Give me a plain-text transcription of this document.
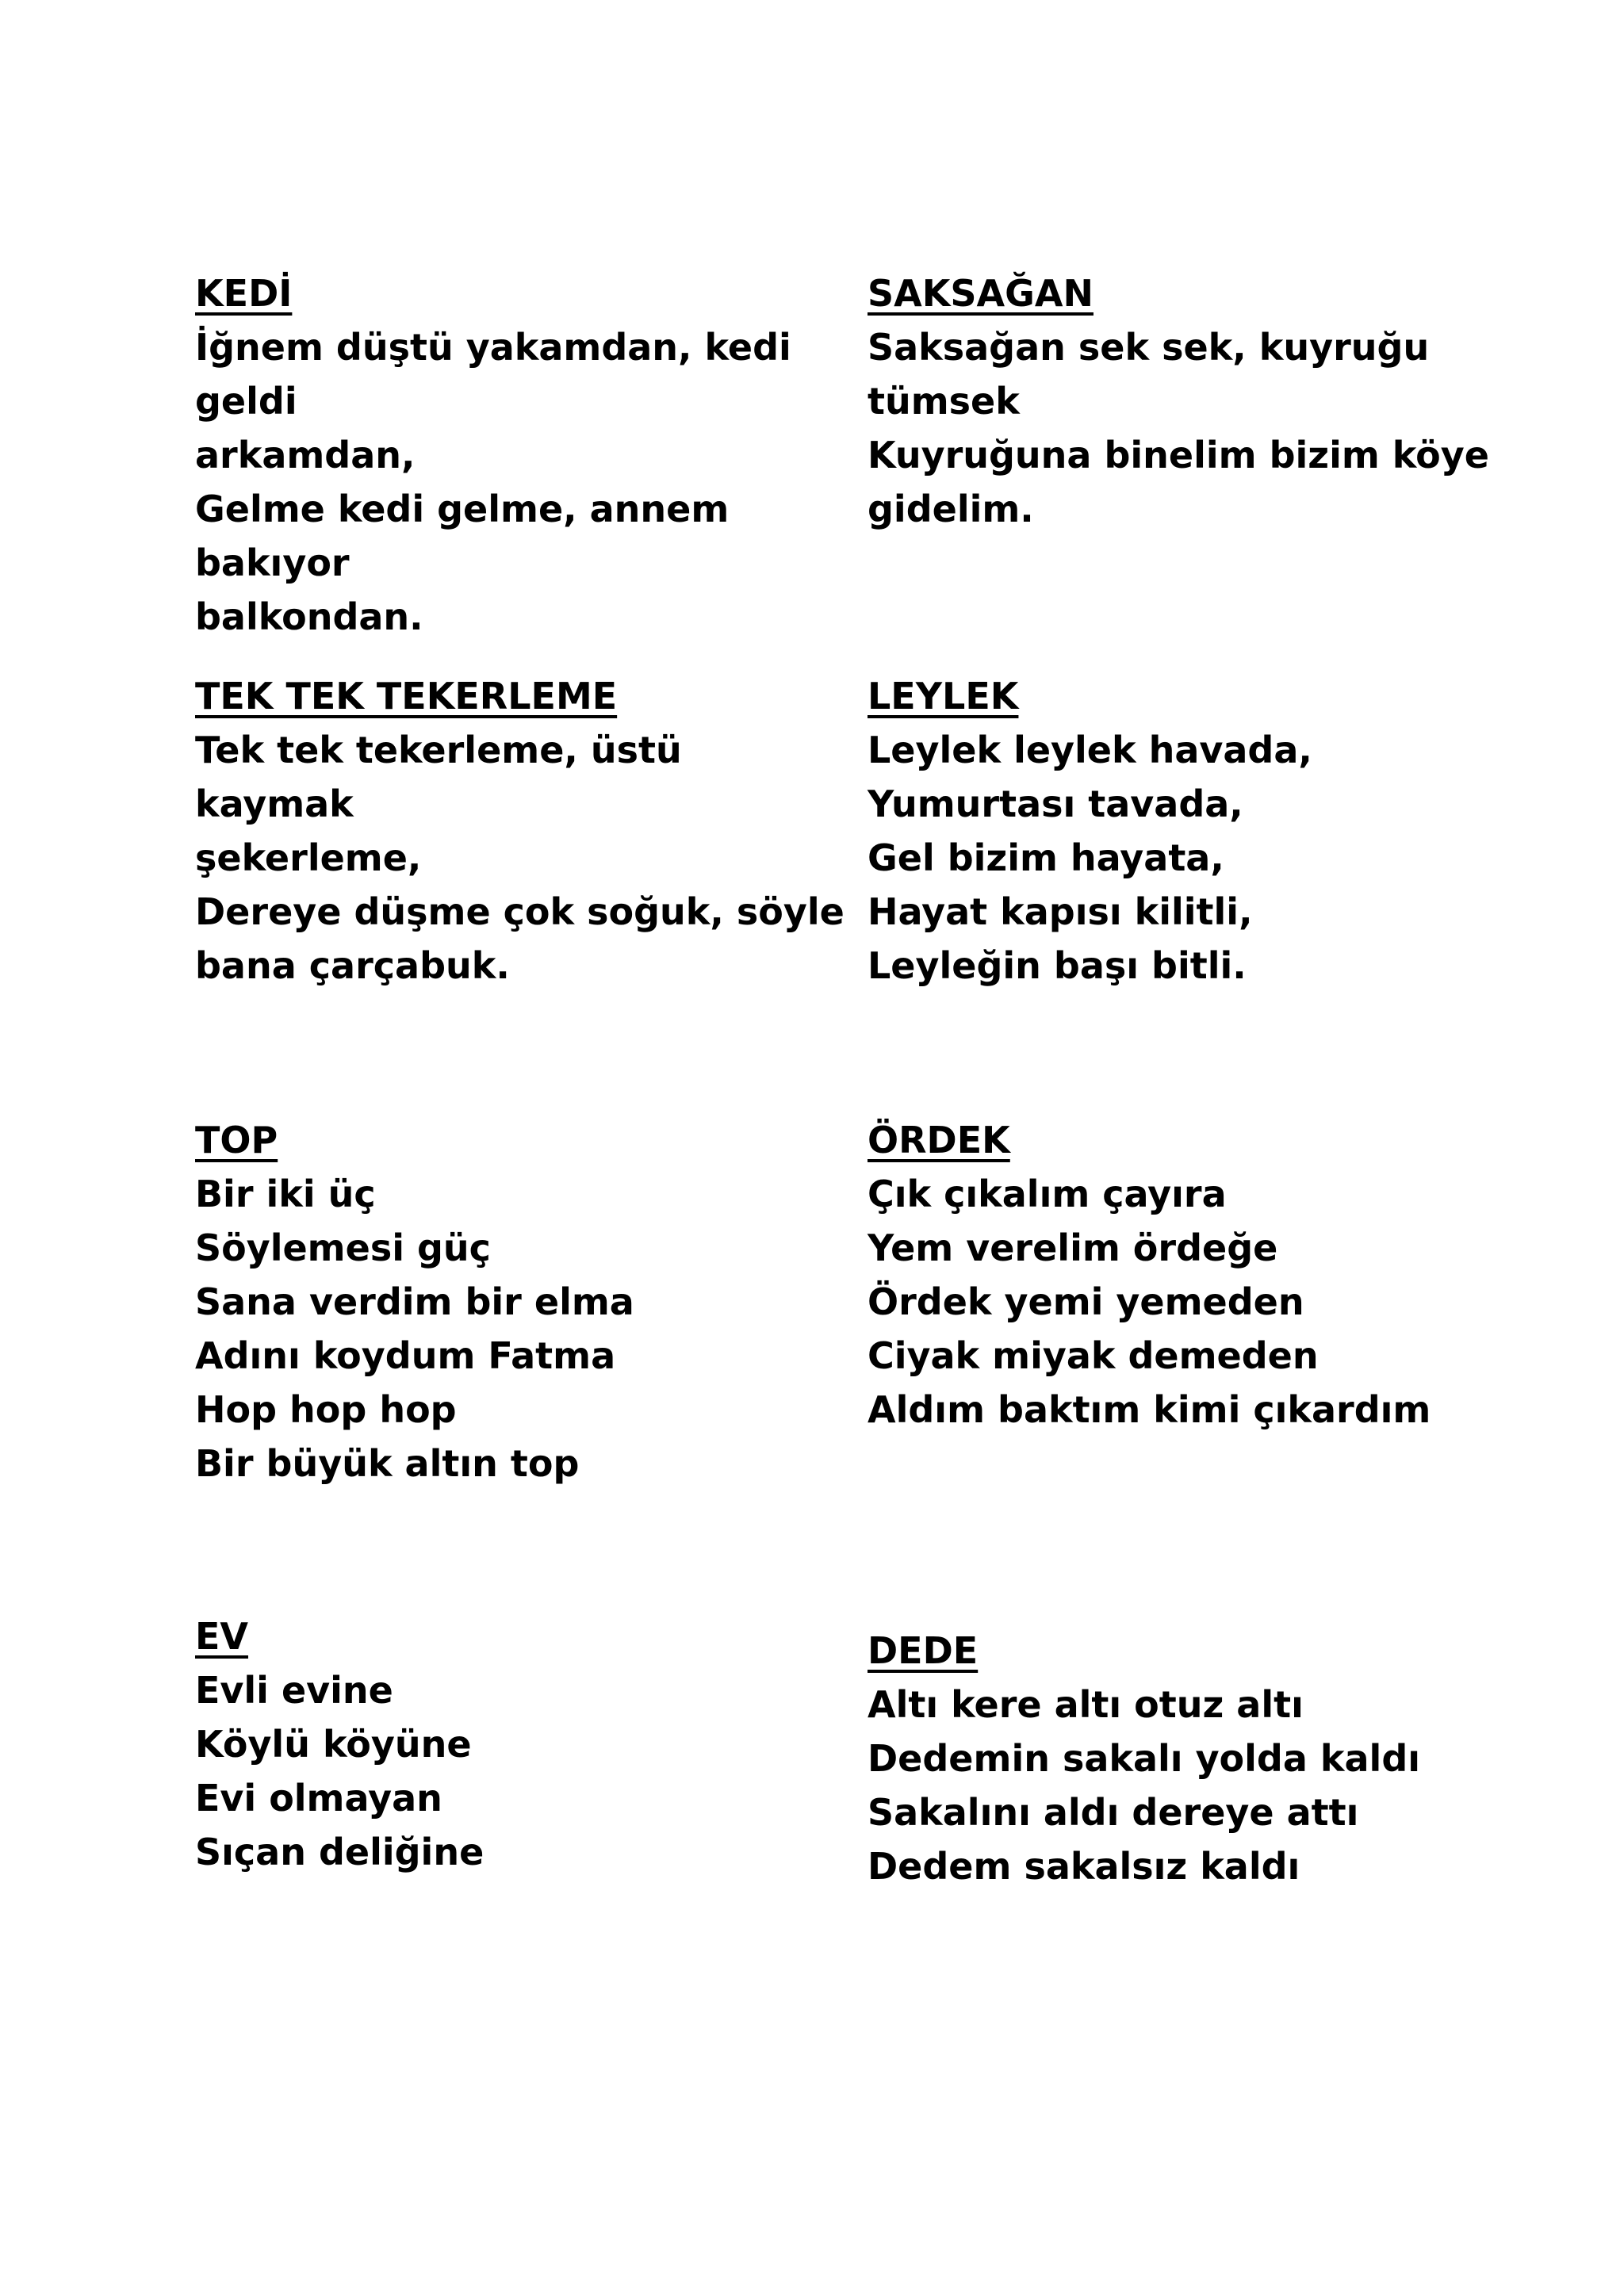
KEDİ

İğnem düştü yakamdan, kedi geldi

arkamdan,

Gelme kedi gelme, annem bakıyor

balkondan.

SAKSAĞAN

Saksağan sek sek, kuyruğu

tümsek

Kuyruğuna binelim bizim köye

gidelim.

TEK TEK TEKERLEME

Tek tek tekerleme, üstü kaymak

şekerleme,

Dereye düşme çok soğuk, söyle

bana çarçabuk.

LEYLEK

Leylek leylek havada,

Yumurtası tavada,

Gel bizim hayata,

Hayat kapısı kilitli,

Leyleğin başı bitli.

TOP

Bir iki üç

Söylemesi güç

Sana verdim bir elma

Adını koydum Fatma

Hop hop hop

Bir büyük altın top

ÖRDEK

Çık çıkalım çayıra

Yem verelim ördeğe

Ördek yemi yemeden

Ciyak miyak demeden

Aldım baktım kimi çıkardım

EV

Evli evine

Köylü köyüne

Evi olmayan

Sıçan deliğine

DEDE

Altı kere altı otuz altı

Dedemin sakalı yolda kaldı

Sakalını aldı dereye attı

Dedem sakalsız kaldı
